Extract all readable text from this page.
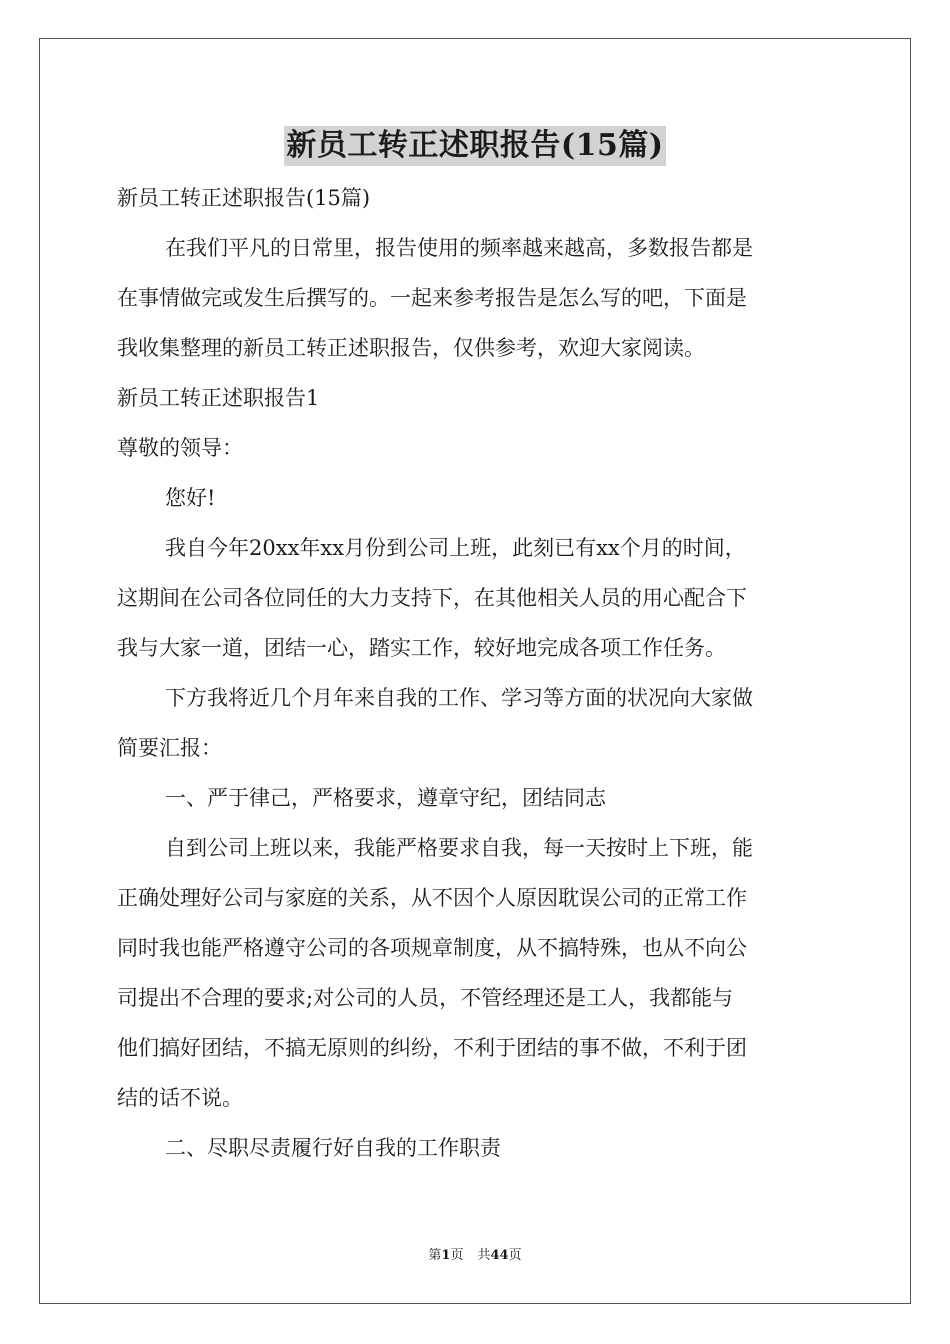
新员工转正述职报告(15篇)
新员工转正述职报告(15篇)
在我们平凡的日常里，报告使用的频率越来越高，多数报告都是
在事情做完或发生后撰写的。一起来参考报告是怎么写的吧，下面是
我收集整理的新员工转正述职报告，仅供参考，欢迎大家阅读。
新员工转正述职报告1
尊敬的领导：
您好!
我自今年20xx年xx月份到公司上班，此刻已有xx个月的时间，
这期间在公司各位同任的大力支持下，在其他相关人员的用心配合下
我与大家一道，团结一心，踏实工作，较好地完成各项工作任务。
下方我将近几个月年来自我的工作、学习等方面的状况向大家做
简要汇报：
一、严于律己，严格要求，遵章守纪，团结同志
自到公司上班以来，我能严格要求自我，每一天按时上下班，能
正确处理好公司与家庭的关系，从不因个人原因耽误公司的正常工作
同时我也能严格遵守公司的各项规章制度，从不搞特殊，也从不向公
司提出不合理的要求;对公司的人员，不管经理还是工人，我都能与
他们搞好团结，不搞无原则的纠纷，不利于团结的事不做，不利于团
结的话不说。
二、尽职尽责履行好自我的工作职责
第1页 共44页
